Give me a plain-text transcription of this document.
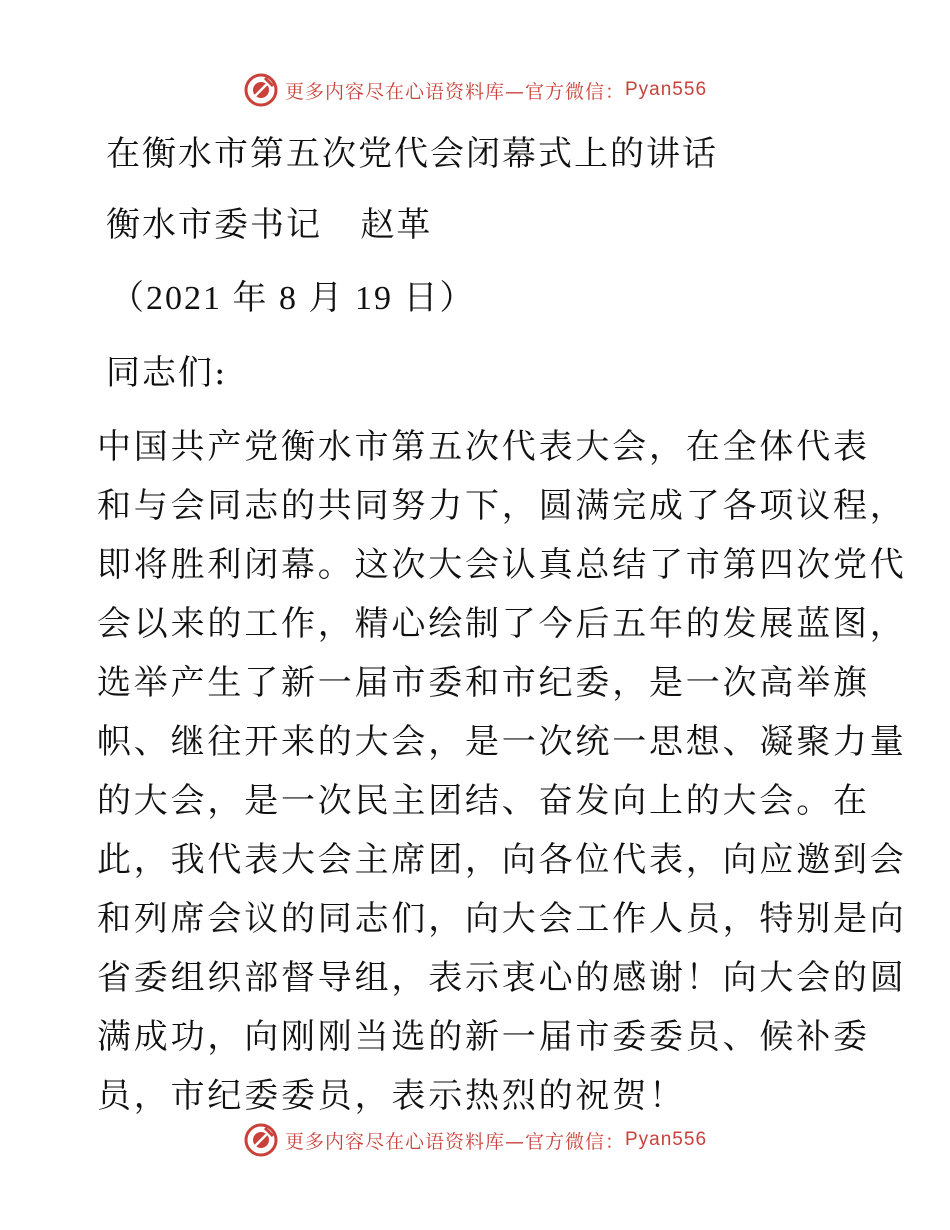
更多内容尽在心语资料库—官方微信： Pyan556
在衡水市第五次党代会闭幕式上的讲话
衡水市委书记   赵革
（2021 年 8 月 19 日）
同志们:
中国共产党衡水市第五次代表大会，在全体代表
和与会同志的共同努力下，圆满完成了各项议程，
即将胜利闭幕。这次大会认真总结了市第四次党代
会以来的工作，精心绘制了今后五年的发展蓝图，
选举产生了新一届市委和市纪委，是一次高举旗
帜、继往开来的大会，是一次统一思想、凝聚力量
的大会，是一次民主团结、奋发向上的大会。在
此，我代表大会主席团，向各位代表，向应邀到会
和列席会议的同志们，向大会工作人员，特别是向
省委组织部督导组，表示衷心的感谢！向大会的圆
满成功，向刚刚当选的新一届市委委员、候补委
员，市纪委委员，表示热烈的祝贺！
更多内容尽在心语资料库—官方微信： Pyan556
